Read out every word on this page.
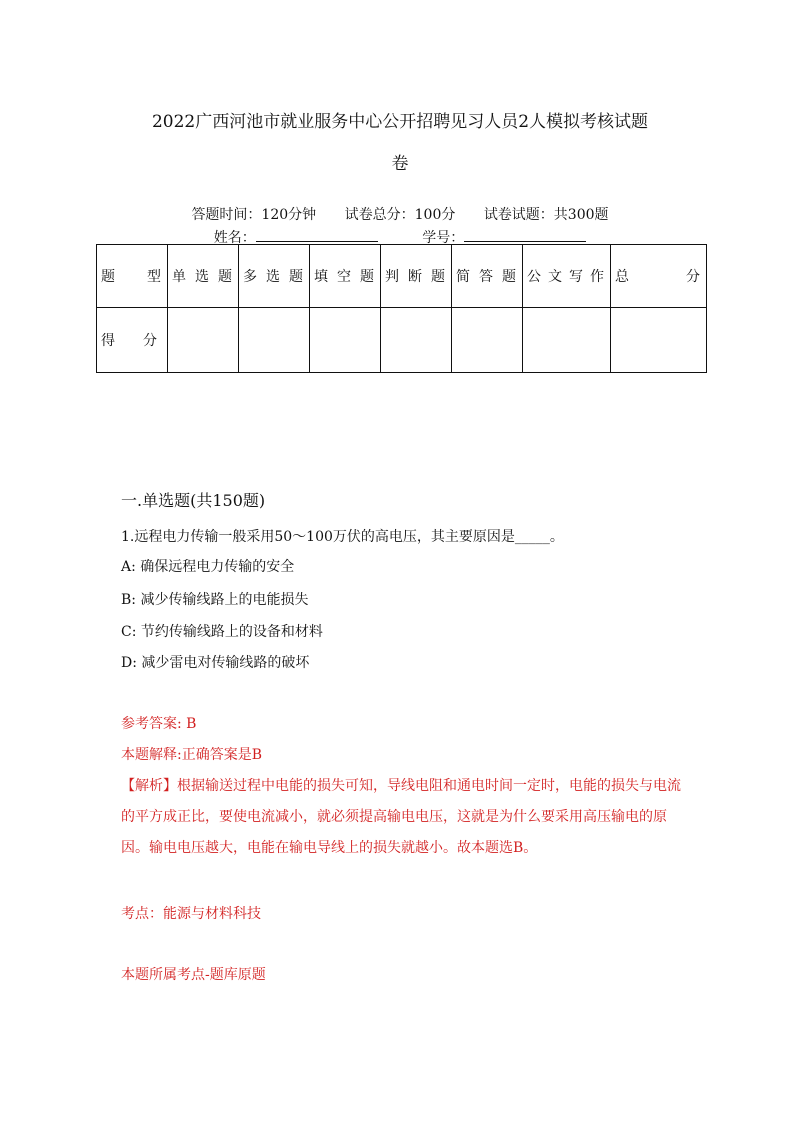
2022广西河池市就业服务中心公开招聘见习人员2人模拟考核试题
卷
答题时间：120分钟 试卷总分：100分 试卷试题：共300题
姓名：	学号：
题 型	单选题	多选题	填空题	判断题	简答题	公文写作	总 分

得 分							

一.单选题(共150题)
1.远程电力传输一般采用50～100万伏的高电压，其主要原因是_____。
A: 确保远程电力传输的安全
B: 减少传输线路上的电能损失
C: 节约传输线路上的设备和材料
D: 减少雷电对传输线路的破坏
参考答案: B
本题解释:正确答案是B
【解析】根据输送过程中电能的损失可知，导线电阻和通电时间一定时，电能的损失与电流的平方成正比，要使电流减小，就必须提高输电电压，这就是为什么要采用高压输电的原因。输电电压越大，电能在输电导线上的损失就越小。故本题选B。
考点：能源与材料科技
本题所属考点-题库原题
